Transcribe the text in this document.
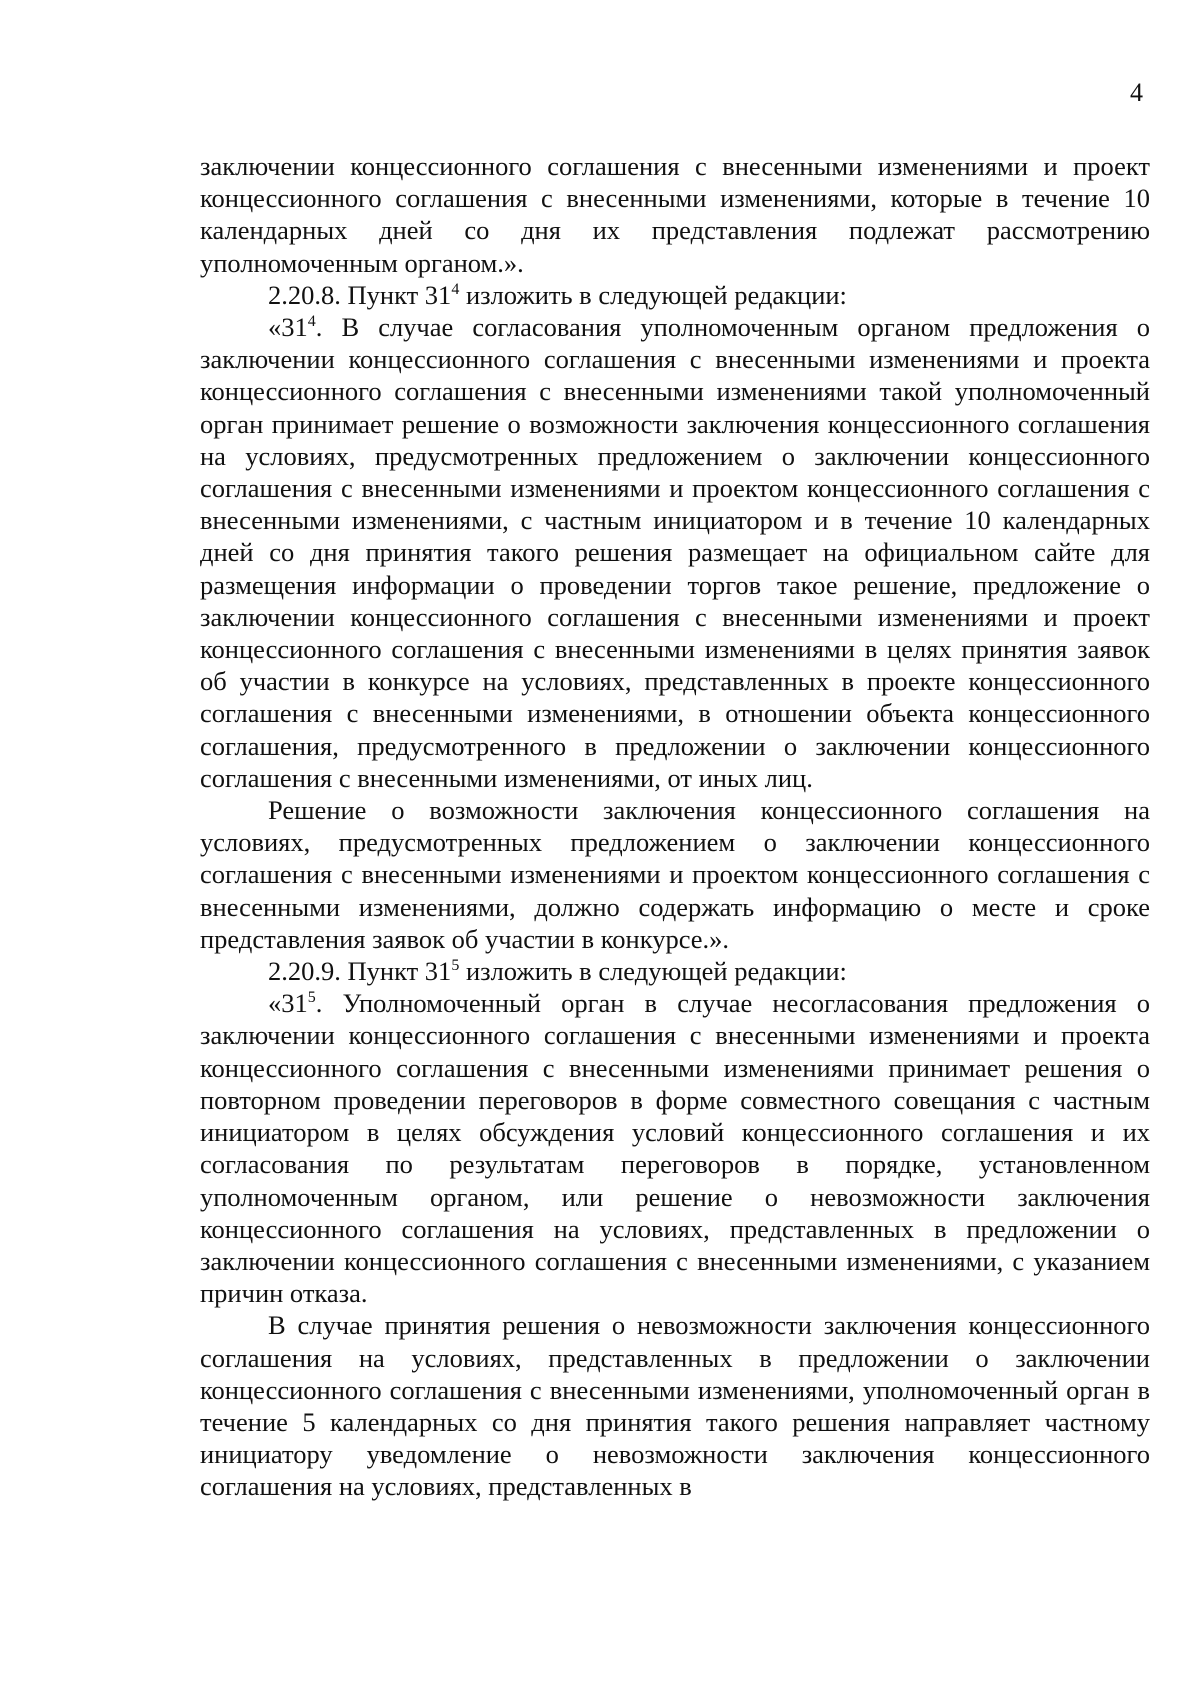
4

заключении концессионного соглашения с внесенными изменениями и проект концессионного соглашения с внесенными изменениями, которые в течение 10 календарных дней со дня их представления подлежат рассмотрению уполномоченным органом.».

2.20.8. Пункт $31^4$ изложить в следующей редакции:

«$31^4$. В случае согласования уполномоченным органом предложения о заключении концессионного соглашения с внесенными изменениями и проекта концессионного соглашения с внесенными изменениями такой уполномоченный орган принимает решение о возможности заключения концессионного соглашения на условиях, предусмотренных предложением о заключении концессионного соглашения с внесенными изменениями и проектом концессионного соглашения с внесенными изменениями, с частным инициатором и в течение 10 календарных дней со дня принятия такого решения размещает на официальном сайте для размещения информации о проведении торгов такое решение, предложение о заключении концессионного соглашения с внесенными изменениями и проект концессионного соглашения с внесенными изменениями в целях принятия заявок об участии в конкурсе на условиях, представленных в проекте концессионного соглашения с внесенными изменениями, в отношении объекта концессионного соглашения, предусмотренного в предложении о заключении концессионного соглашения с внесенными изменениями, от иных лиц.

Решение о возможности заключения концессионного соглашения на условиях, предусмотренных предложением о заключении концессионного соглашения с внесенными изменениями и проектом концессионного соглашения с внесенными изменениями, должно содержать информацию о месте и сроке представления заявок об участии в конкурсе.».

2.20.9. Пункт $31^5$ изложить в следующей редакции:

«$31^5$. Уполномоченный орган в случае несогласования предложения о заключении концессионного соглашения с внесенными изменениями и проекта концессионного соглашения с внесенными изменениями принимает решения о повторном проведении переговоров в форме совместного совещания с частным инициатором в целях обсуждения условий концессионного соглашения и их согласования по результатам переговоров в порядке, установленном уполномоченным органом, или решение о невозможности заключения концессионного соглашения на условиях, представленных в предложении о заключении концессионного соглашения с внесенными изменениями, с указанием причин отказа.

В случае принятия решения о невозможности заключения концессионного соглашения на условиях, представленных в предложении о заключении концессионного соглашения с внесенными изменениями, уполномоченный орган в течение 5 календарных со дня принятия такого решения направляет частному инициатору уведомление о невозможности заключения концессионного соглашения на условиях, представленных в
